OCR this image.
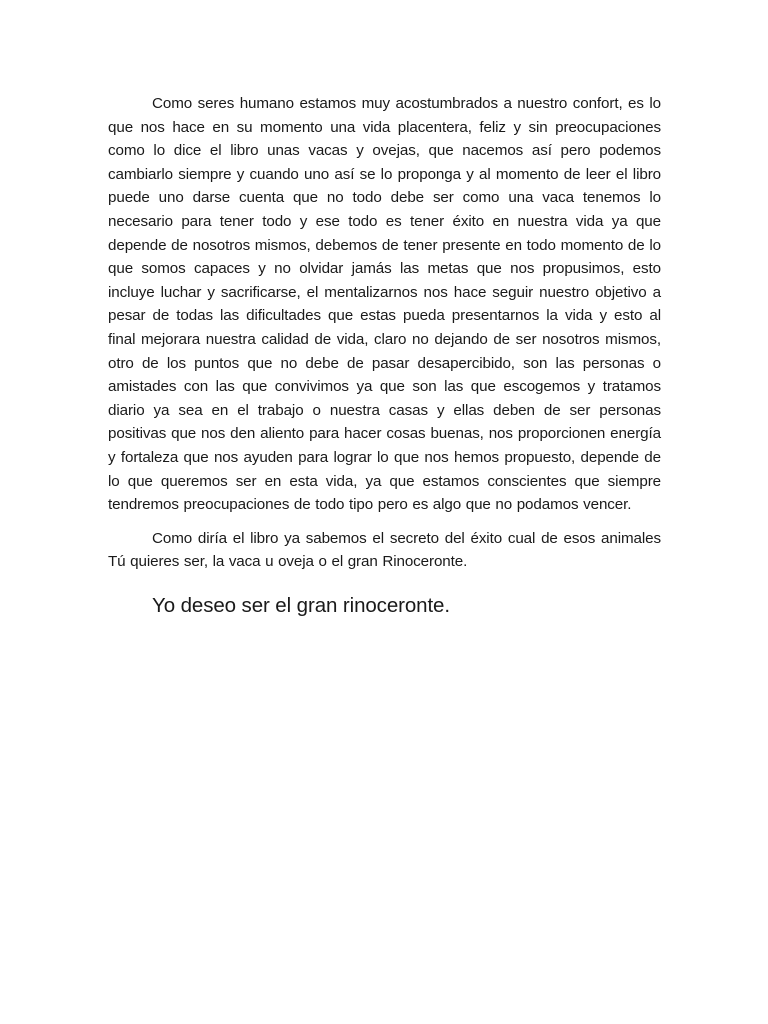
Como seres humano estamos muy acostumbrados a nuestro confort, es lo que nos hace en su momento una vida placentera, feliz y sin preocupaciones como lo dice el libro unas vacas y ovejas, que nacemos así pero podemos cambiarlo siempre y cuando uno así se lo proponga y al momento de leer el libro puede uno darse cuenta que no todo debe ser como una vaca tenemos lo necesario para tener todo y ese todo es tener éxito en nuestra vida ya que depende de nosotros mismos, debemos de tener presente en todo momento de lo que somos capaces y no olvidar jamás las metas que nos propusimos, esto incluye luchar y sacrificarse, el mentalizarnos nos hace seguir nuestro objetivo a pesar de todas las dificultades que estas pueda presentarnos la vida y esto al final mejorara nuestra calidad de vida, claro no dejando de ser nosotros mismos, otro de los puntos que no debe de pasar desapercibido, son las personas o amistades con las que convivimos ya que son las que escogemos y tratamos diario ya sea en el trabajo o nuestra casas y ellas deben de ser personas positivas que nos den aliento para hacer cosas buenas, nos proporcionen energía y fortaleza que nos ayuden para lograr lo que nos hemos propuesto, depende de lo que queremos ser en esta vida, ya que estamos conscientes que siempre tendremos preocupaciones de todo tipo pero es algo que no podamos vencer.

Como diría el libro ya sabemos el secreto del éxito cual de esos animales Tú quieres ser, la vaca u oveja o el gran Rinoceronte.

Yo deseo ser el gran rinoceronte.
